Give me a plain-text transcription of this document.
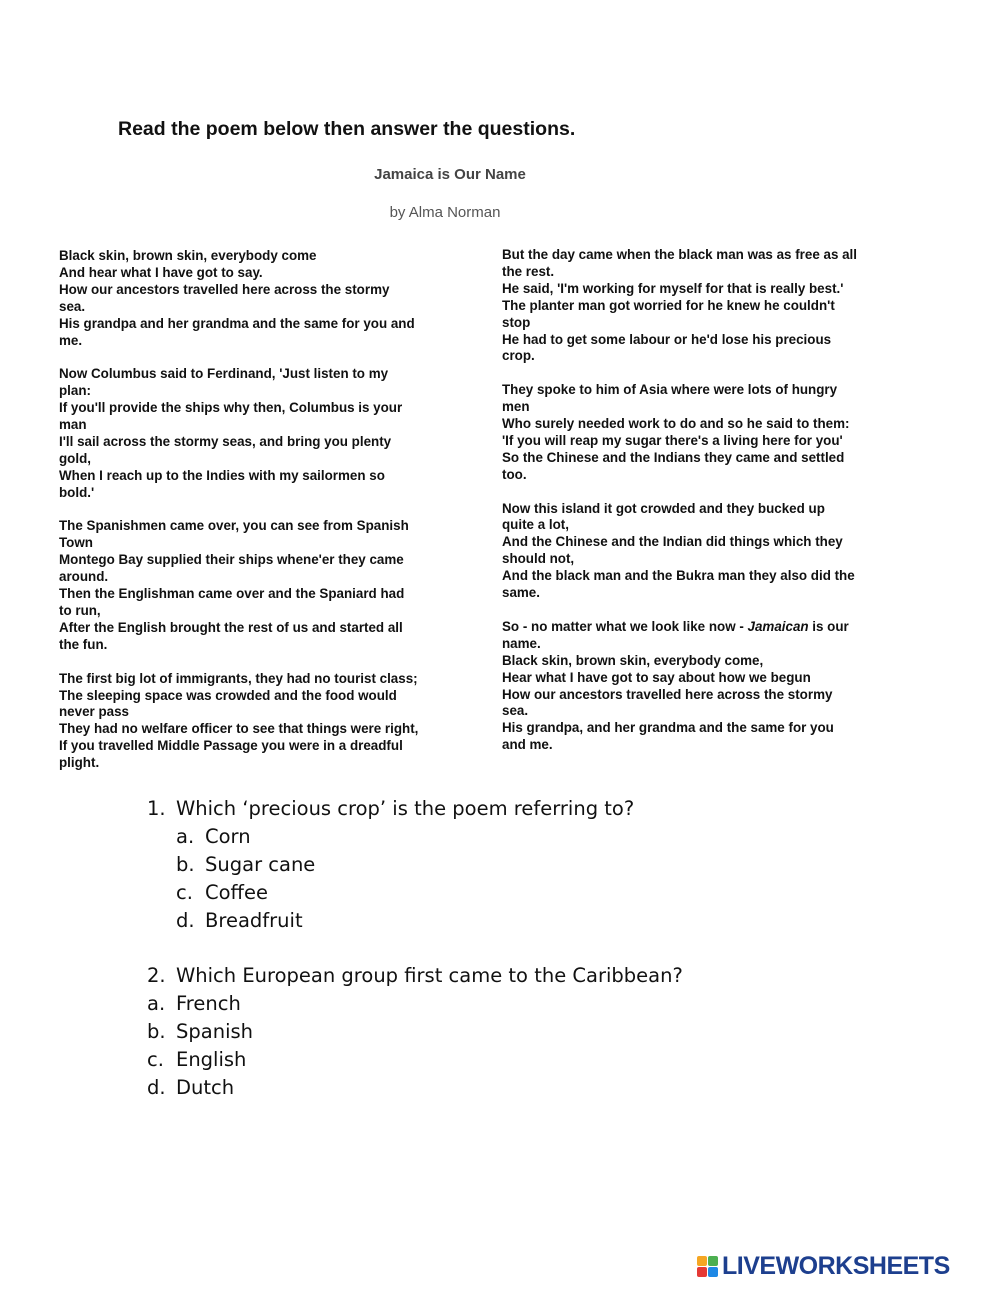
Read the poem below then answer the questions.
Jamaica is Our Name

by Alma Norman

Black skin, brown skin, everybody come
And hear what I have got to say.
How our ancestors travelled here across the stormy
sea.
His grandpa and her grandma and the same for you and
me.
Now Columbus said to Ferdinand, 'Just listen to my
plan:
If you'll provide the ships why then, Columbus is your
man
I'll sail across the stormy seas, and bring you plenty
gold,
When I reach up to the Indies with my sailormen so
bold.'
The Spanishmen came over, you can see from Spanish
Town
Montego Bay supplied their ships whene'er they came
around.
Then the Englishman came over and the Spaniard had
to run,
After the English brought the rest of us and started all
the fun.
The first big lot of immigrants, they had no tourist class;
The sleeping space was crowded and the food would
never pass
They had no welfare officer to see that things were right,
If you travelled Middle Passage you were in a dreadful
plight.
But the day came when the black man was as free as all
the rest.
He said, 'I'm working for myself for that is really best.'
The planter man got worried for he knew he couldn't
stop
He had to get some labour or he'd lose his precious
crop.
They spoke to him of Asia where were lots of hungry
men
Who surely needed work to do and so he said to them:
'If you will reap my sugar there's a living here for you'
So the Chinese and the Indians they came and settled
too.
Now this island it got crowded and they bucked up
quite a lot,
And the Chinese and the Indian did things which they
should not,
And the black man and the Bukra man they also did the
same.
So - no matter what we look like now - Jamaican is our
name.
Black skin, brown skin, everybody come,
Hear what I have got to say about how we begun
How our ancestors travelled here across the stormy
sea.
His grandpa, and her grandma and the same for you
and me.
1. Which ‘precious crop’ is the poem referring to?
a. Corn
b. Sugar cane
c. Coffee
d. Breadfruit
2. Which European group first came to the Caribbean?
a. French
b. Spanish
c. English
d. Dutch
LIVEWORKSHEETS
